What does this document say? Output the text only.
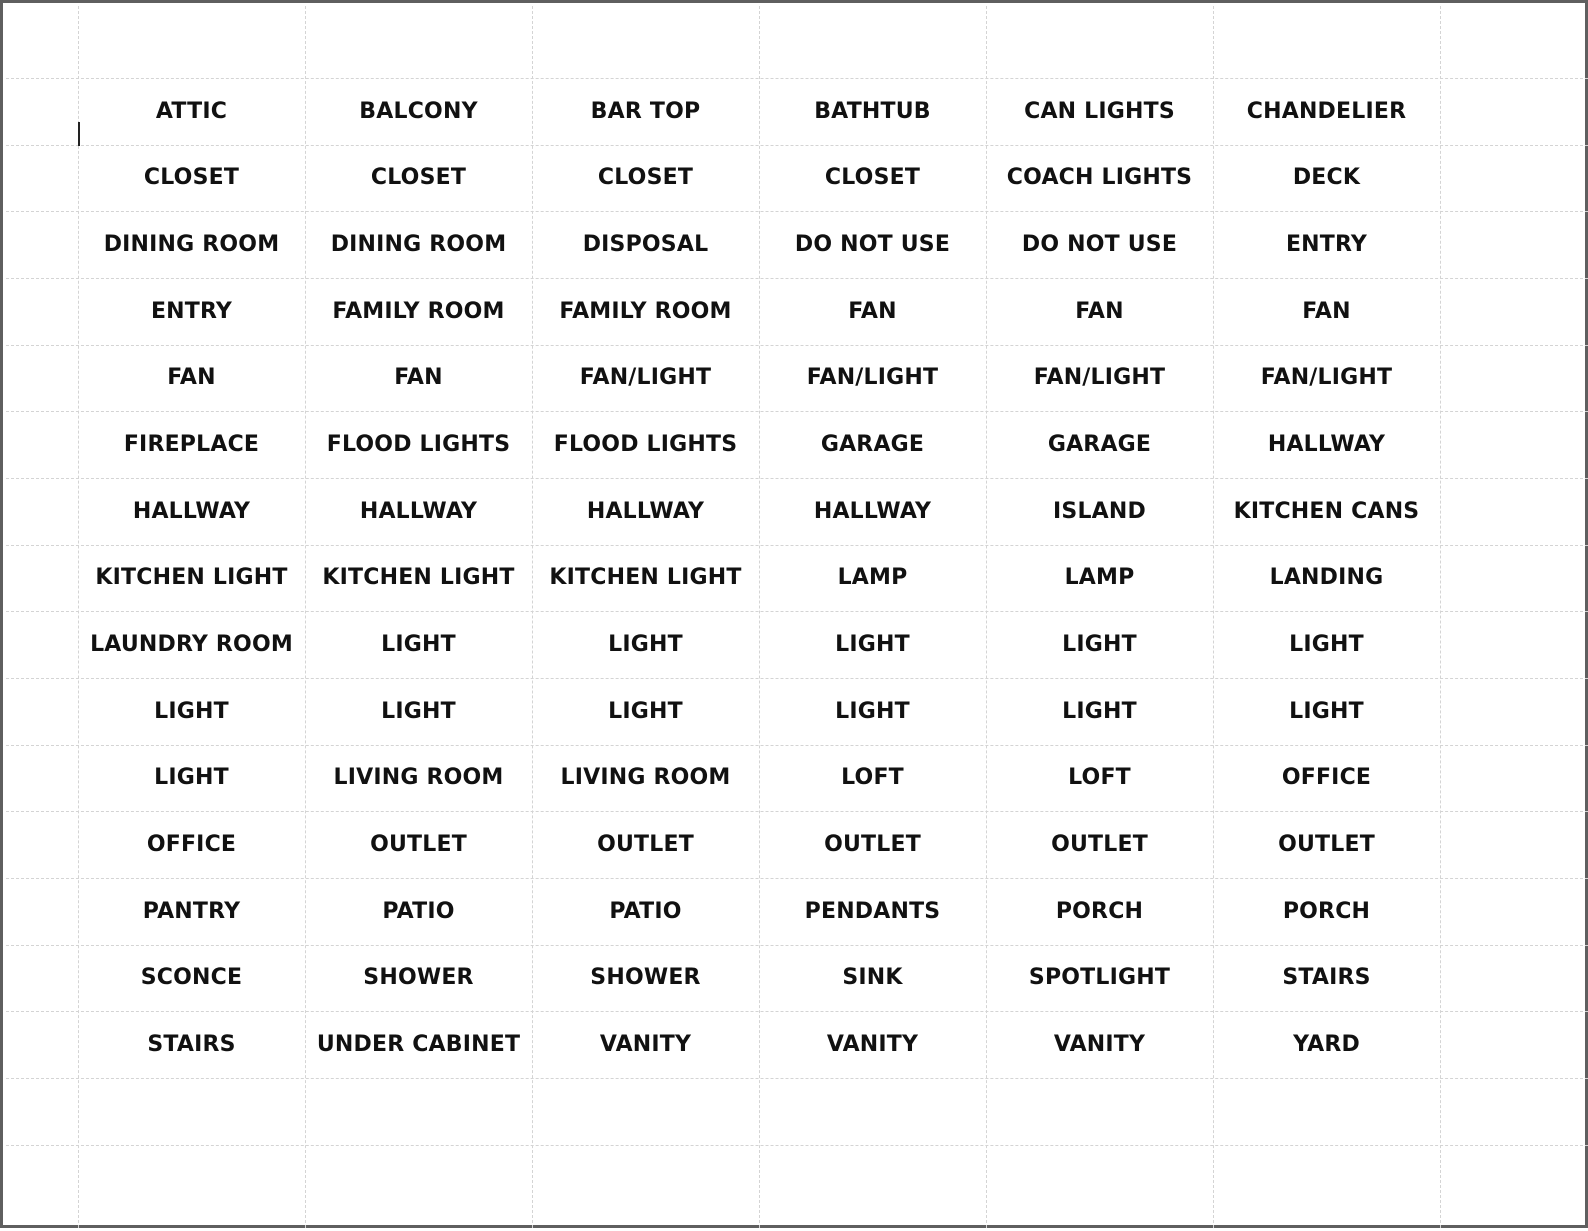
ATTIC	BALCONY	BAR TOP	BATHTUB	CAN LIGHTS	CHANDELIER
CLOSET	CLOSET	CLOSET	CLOSET	COACH LIGHTS	DECK
DINING ROOM	DINING ROOM	DISPOSAL	DO NOT USE	DO NOT USE	ENTRY
ENTRY	FAMILY ROOM	FAMILY ROOM	FAN	FAN	FAN
FAN	FAN	FAN/LIGHT	FAN/LIGHT	FAN/LIGHT	FAN/LIGHT
FIREPLACE	FLOOD LIGHTS	FLOOD LIGHTS	GARAGE	GARAGE	HALLWAY
HALLWAY	HALLWAY	HALLWAY	HALLWAY	ISLAND	KITCHEN CANS
KITCHEN LIGHT	KITCHEN LIGHT	KITCHEN LIGHT	LAMP	LAMP	LANDING
LAUNDRY ROOM	LIGHT	LIGHT	LIGHT	LIGHT	LIGHT
LIGHT	LIGHT	LIGHT	LIGHT	LIGHT	LIGHT
LIGHT	LIVING ROOM	LIVING ROOM	LOFT	LOFT	OFFICE
OFFICE	OUTLET	OUTLET	OUTLET	OUTLET	OUTLET
PANTRY	PATIO	PATIO	PENDANTS	PORCH	PORCH
SCONCE	SHOWER	SHOWER	SINK	SPOTLIGHT	STAIRS
STAIRS	UNDER CABINET	VANITY	VANITY	VANITY	YARD
